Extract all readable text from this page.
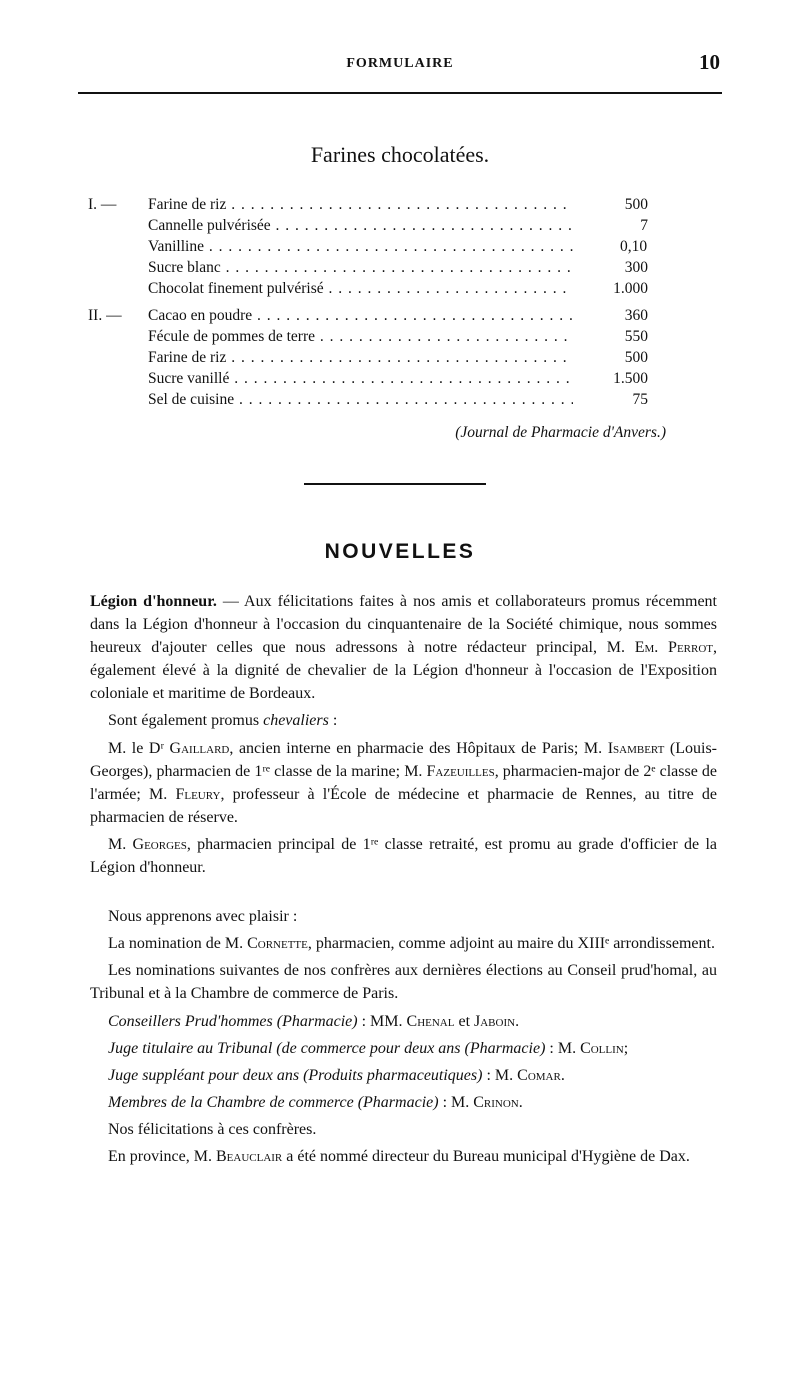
FORMULAIRE	10
Farines chocolatées.
I. —	Farine de riz . . .	500
Cannelle pulvérisée . . .	7
Vanilline . . .	0,10
Sucre blanc . . .	300
Chocolat finement pulvérisé . . .	1.000
II. —	Cacao en poudre . . .	360
Fécule de pommes de terre . . .	550
Farine de riz . . .	500
Sucre vanillé . . .	1.500
Sel de cuisine . . .	75
(Journal de Pharmacie d'Anvers.)
NOUVELLES

Légion d'honneur. — Aux félicitations faites à nos amis et collaborateurs promus récemment dans la Légion d'honneur à l'occasion du cinquantenaire de la Société chimique, nous sommes heureux d'ajouter celles que nous adressons à notre rédacteur principal, M. Em. Perrot, également élevé à la dignité de chevalier de la Légion d'honneur à l'occasion de l'Exposition coloniale et maritime de Bordeaux.

Sont également promus chevaliers :

M. le Dʳ Gaillard, ancien interne en pharmacie des Hôpitaux de Paris; M. Isambert (Louis-Georges), pharmacien de 1ʳᵉ classe de la marine; M. Fazeuilles, pharmacien-major de 2ᵉ classe de l'armée; M. Fleury, professeur à l'École de médecine et pharmacie de Rennes, au titre de pharmacien de réserve.

M. Georges, pharmacien principal de 1ʳᵉ classe retraité, est promu au grade d'officier de la Légion d'honneur.

Nous apprenons avec plaisir :

La nomination de M. Cornette, pharmacien, comme adjoint au maire du XIIIᵉ arrondissement.

Les nominations suivantes de nos confrères aux dernières élections au Conseil prud'homal, au Tribunal et à la Chambre de commerce de Paris.

Conseillers Prud'hommes (Pharmacie) : MM. Chenal et Jaboin.

Juge titulaire au Tribunal (de commerce pour deux ans (Pharmacie) : M. Collin;

Juge suppléant pour deux ans (Produits pharmaceutiques) : M. Comar.

Membres de la Chambre de commerce (Pharmacie) : M. Crinon.

Nos félicitations à ces confrères.

En province, M. Beauclair a été nommé directeur du Bureau municipal d'Hygiène de Dax.
